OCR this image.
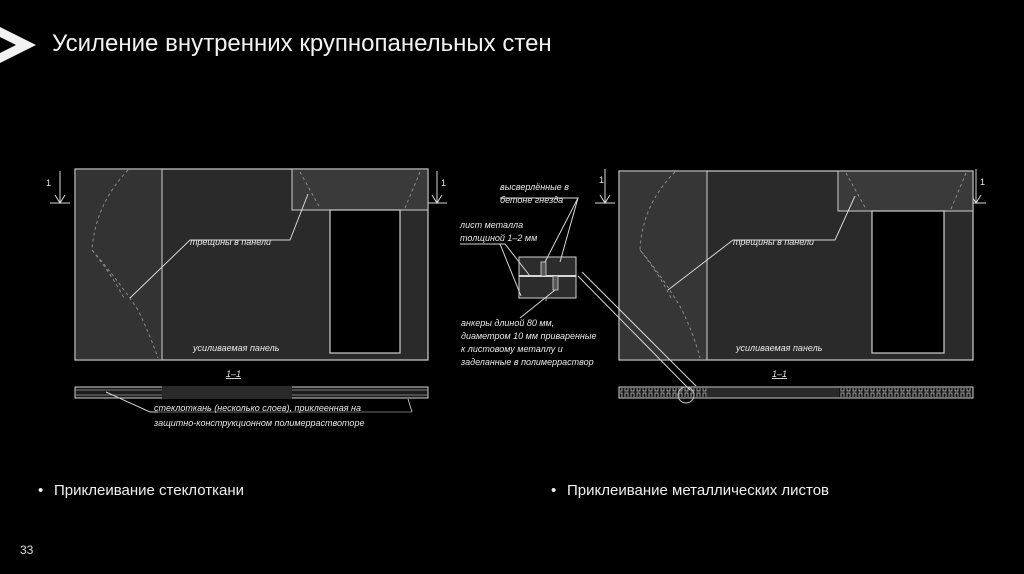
Усиление внутренних крупнопанельных стен
1	1
трещины в панели
усиливаемая панель
1–1
стеклоткань (несколько слоев), приклеенная на
защитно-конструкционном полимерраствоторе
1	1
трещины в панели
усиливаемая панель
1–1
высверлённые в
бетоне гнезда
лист металла
толщиной 1–2 мм
анкеры длиной 80 мм,
диаметром 10 мм приваренные
к листовому металлу и
заделанные в полимерраствор
• Приклеивание стеклоткани	• Приклеивание металлических листов
33
